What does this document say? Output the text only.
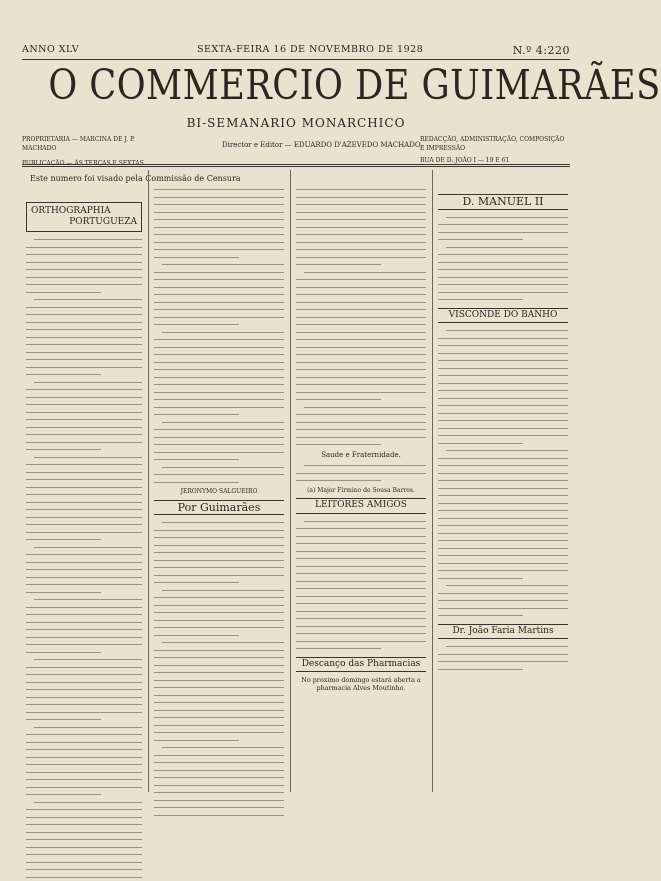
ANNO XLV	SEXTA-FEIRA 16 DE NOVEMBRO DE 1928	N.º 4:220
O COMMERCIO DE GUIMARÃES
BI-SEMANARIO MONARCHICO
PROPRIETARIA — MARCINA DE J. P. MACHADO
PUBLICAÇÃO — ÁS TERÇAS E SEXTAS
Director e Editor — EDUARDO D'AZEVEDO MACHADO
REDACÇÃO, ADMINISTRAÇÃO, COMPOSIÇÃO E IMPRESSÃO
RUA DE D. JOÃO I — 19 E 61
Este numero foi visado pela Commissão de Censura
ORTHOGRAPHIA
PORTUGUEZA
JERONYMO SALGUEIRO
Por Guimarães
Saude e Fraternidade.
(a) Major Firmino de Sousa Barros.
LEITORES AMIGOS
Descanço das Pharmacias
No proximo domingo estará aberta a pharmacia Alves Moutinho.
D. MANUEL II
VISCONDE DO BANHO
Dr. João Faria Martins
